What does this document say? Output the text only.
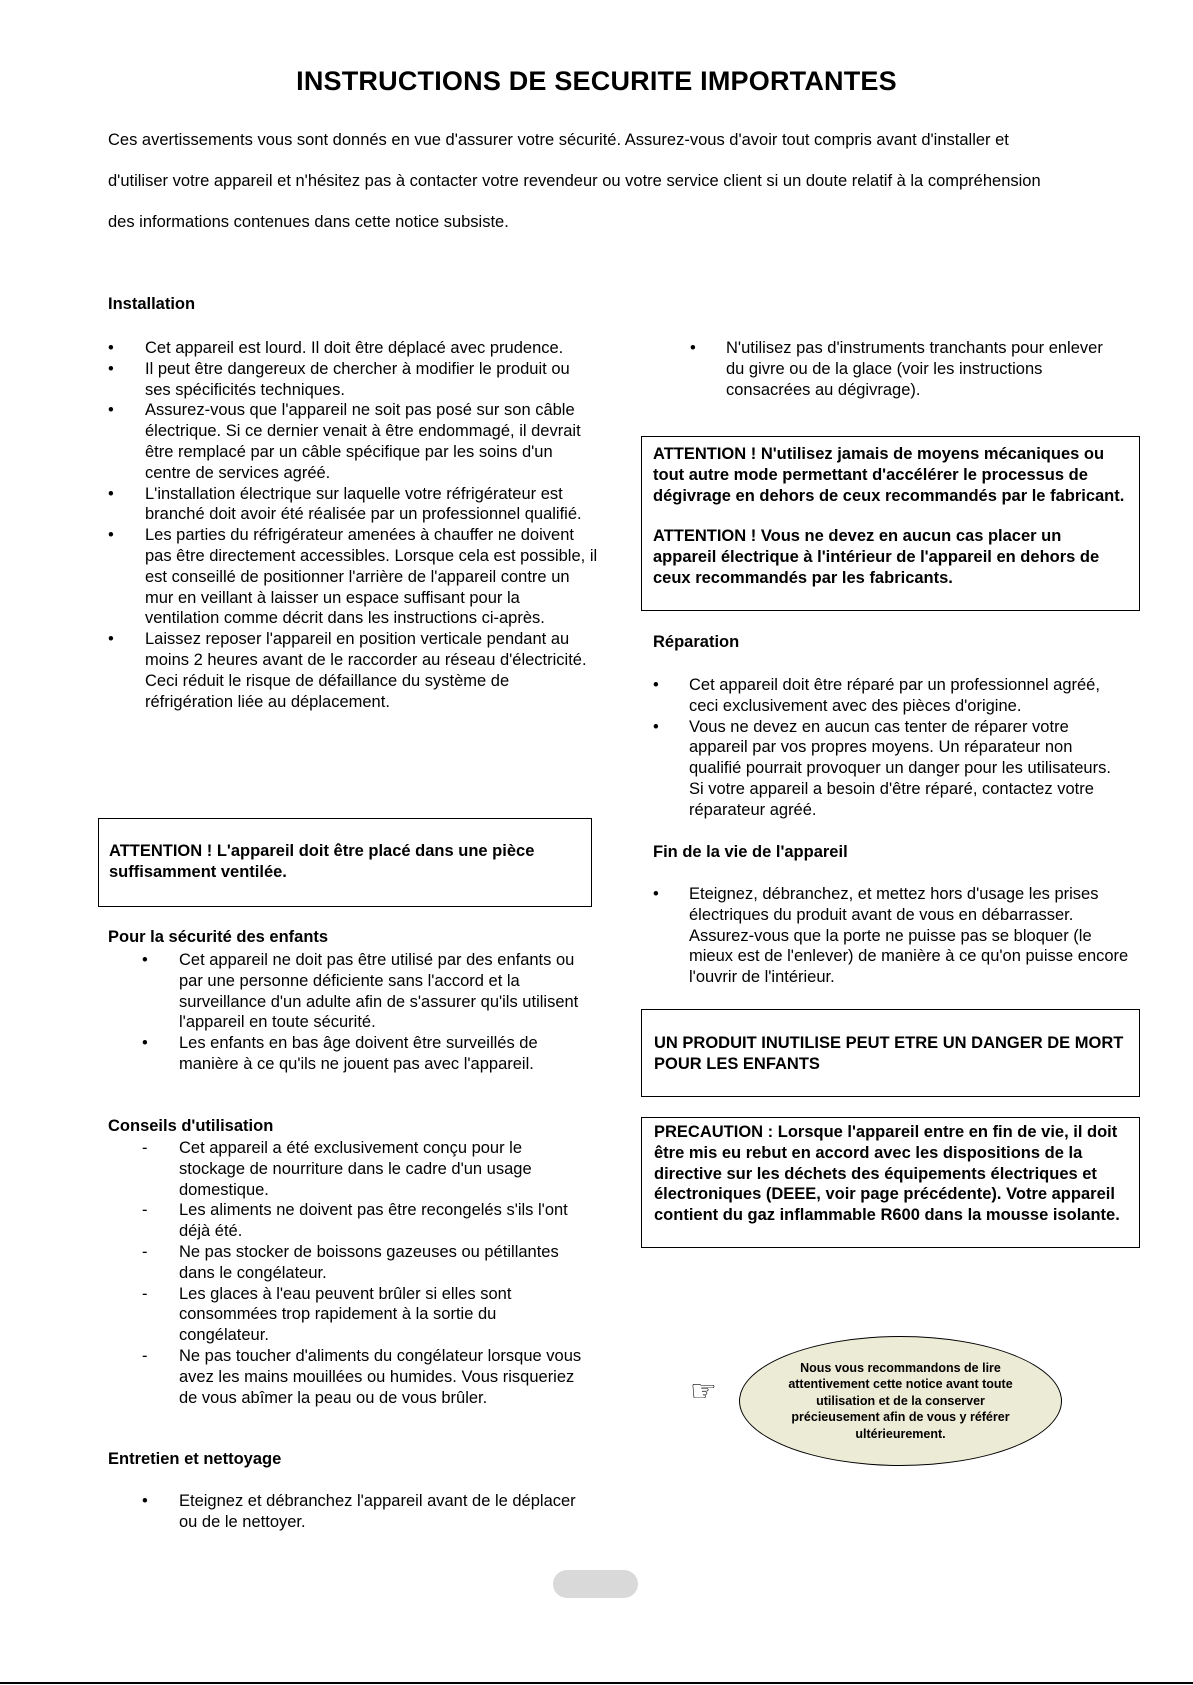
INSTRUCTIONS DE SECURITE IMPORTANTES

Ces avertissements vous sont donnés en vue d'assurer votre sécurité. Assurez-vous d'avoir tout compris avant d'installer et

d'utiliser votre appareil et n'hésitez pas à contacter votre revendeur ou votre service client si un doute relatif à la compréhension

des informations contenues dans cette notice subsiste.

Installation
• Cet appareil est lourd. Il doit être déplacé avec prudence.
• Il peut être dangereux de chercher à modifier le produit ou ses spécificités techniques.
• Assurez-vous que l'appareil ne soit pas posé sur son câble électrique. Si ce dernier venait à être endommagé, il devrait être remplacé par un câble spécifique par les soins d'un centre de services agréé.
• L'installation électrique sur laquelle votre réfrigérateur est branché doit avoir été réalisée par un professionnel qualifié.
• Les parties du réfrigérateur amenées à chauffer ne doivent pas être directement accessibles. Lorsque cela est possible, il est conseillé de positionner l'arrière de l'appareil contre un mur en veillant à laisser un espace suffisant pour la ventilation comme décrit dans les instructions ci-après.
• Laissez reposer l'appareil en position verticale pendant au moins 2 heures avant de le raccorder au réseau d'électricité. Ceci réduit le risque de défaillance du système de réfrigération liée au déplacement.

ATTENTION ! L'appareil doit être placé dans une pièce suffisamment ventilée.

Pour la sécurité des enfants
• Cet appareil ne doit pas être utilisé par des enfants ou par une personne déficiente sans l'accord et la surveillance d'un adulte afin de s'assurer qu'ils utilisent l'appareil en toute sécurité.
• Les enfants en bas âge doivent être surveillés de manière à ce qu'ils ne jouent pas avec l'appareil.
Conseils d'utilisation
- Cet appareil a été exclusivement conçu pour le stockage de nourriture dans le cadre d'un usage domestique.
- Les aliments ne doivent pas être recongelés s'ils l'ont déjà été.
- Ne pas stocker de boissons gazeuses ou pétillantes dans le congélateur.
- Les glaces à l'eau peuvent brûler si elles sont consommées trop rapidement à la sortie du congélateur.
- Ne pas toucher d'aliments du congélateur lorsque vous avez les mains mouillées ou humides. Vous risqueriez de vous abîmer la peau ou de vous brûler.
Entretien et nettoyage
• Eteignez et débranchez l'appareil avant de le déplacer ou de le nettoyer.
• N'utilisez pas d'instruments tranchants pour enlever du givre ou de la glace (voir les instructions consacrées au dégivrage).

ATTENTION ! N'utilisez jamais de moyens mécaniques ou tout autre mode permettant d'accélérer le processus de dégivrage en dehors de ceux recommandés par le fabricant.

ATTENTION ! Vous ne devez en aucun cas placer un appareil électrique à l'intérieur de l'appareil en dehors de ceux recommandés par les fabricants.

Réparation
• Cet appareil doit être réparé par un professionnel agréé, ceci exclusivement avec des pièces d'origine.
• Vous ne devez en aucun cas tenter de réparer votre appareil par vos propres moyens. Un réparateur non qualifié pourrait provoquer un danger pour les utilisateurs. Si votre appareil a besoin d'être réparé, contactez votre réparateur agréé.
Fin de la vie de l'appareil
• Eteignez, débranchez, et mettez hors d'usage les prises électriques du produit avant de vous en débarrasser. Assurez-vous que la porte ne puisse pas se bloquer (le mieux est de l'enlever) de manière à ce qu'on puisse encore l'ouvrir de l'intérieur.

UN PRODUIT INUTILISE PEUT ETRE UN DANGER DE MORT POUR LES ENFANTS

PRECAUTION : Lorsque l'appareil entre en fin de vie, il doit être mis eu rebut en accord avec les dispositions de la directive sur les déchets des équipements électriques et électroniques (DEEE, voir page précédente). Votre appareil contient du gaz inflammable R600 dans la mousse isolante.

☞
Nous vous recommandons de lire attentivement cette notice avant toute utilisation et de la conserver précieusement afin de vous y référer ultérieurement.
